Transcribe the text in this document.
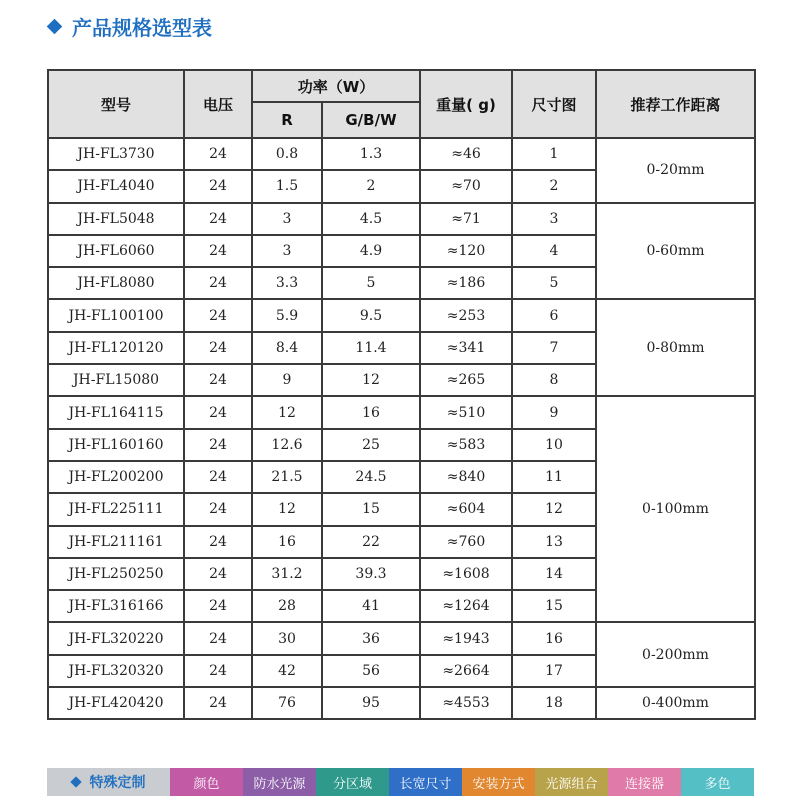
产品规格选型表
型号	电压	功率（W）		重量( g)	尺寸图	推荐工作距离
		R	G/B/W			
JH-FL3730	24	0.8	1.3	≈46	1	0-20mm
JH-FL4040	24	1.5	2	≈70	2	
JH-FL5048	24	3	4.5	≈71	3	0-60mm
JH-FL6060	24	3	4.9	≈120	4	
JH-FL8080	24	3.3	5	≈186	5	
JH-FL100100	24	5.9	9.5	≈253	6	0-80mm
JH-FL120120	24	8.4	11.4	≈341	7	
JH-FL15080	24	9	12	≈265	8	
JH-FL164115	24	12	16	≈510	9	0-100mm
JH-FL160160	24	12.6	25	≈583	10	
JH-FL200200	24	21.5	24.5	≈840	11	
JH-FL225111	24	12	15	≈604	12	
JH-FL211161	24	16	22	≈760	13	
JH-FL250250	24	31.2	39.3	≈1608	14	
JH-FL316166	24	28	41	≈1264	15	
JH-FL320220	24	30	36	≈1943	16	0-200mm
JH-FL320320	24	42	56	≈2664	17	
JH-FL420420	24	76	95	≈4553	18	0-400mm
特殊定制	颜色	防水光源	分区域	长宽尺寸	安装方式	光源组合	连接器	多色
